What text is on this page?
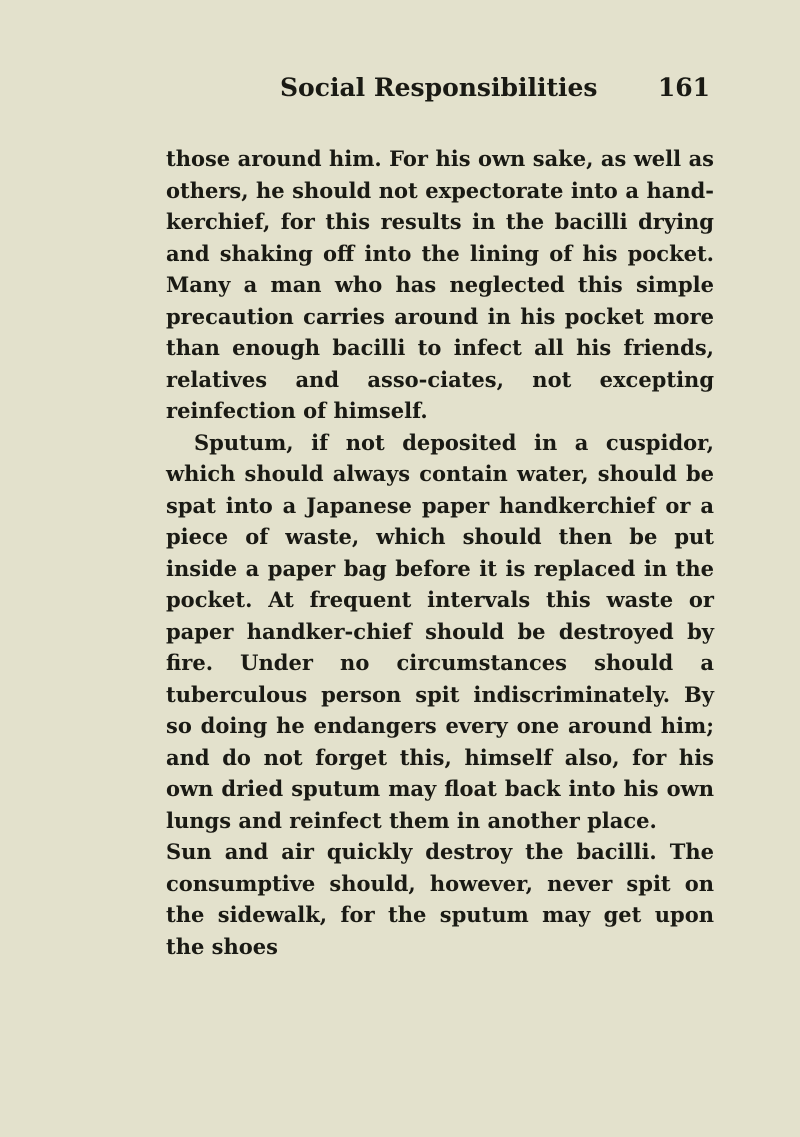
Social Responsibilities 161

those around him. For his own sake, as well as others, he should not expectorate into a hand-kerchief, for this results in the bacilli drying and shaking off into the lining of his pocket. Many a man who has neglected this simple precaution carries around in his pocket more than enough bacilli to infect all his friends, relatives and asso-ciates, not excepting reinfection of himself.

Sputum, if not deposited in a cuspidor, which should always contain water, should be spat into a Japanese paper handkerchief or a piece of waste, which should then be put inside a paper bag before it is replaced in the pocket. At frequent intervals this waste or paper handker-chief should be destroyed by fire. Under no circumstances should a tuberculous person spit indiscriminately. By so doing he endangers every one around him; and do not forget this, himself also, for his own dried sputum may float back into his own lungs and reinfect them in another place.

Sun and air quickly destroy the bacilli. The consumptive should, however, never spit on the sidewalk, for the sputum may get upon the shoes
